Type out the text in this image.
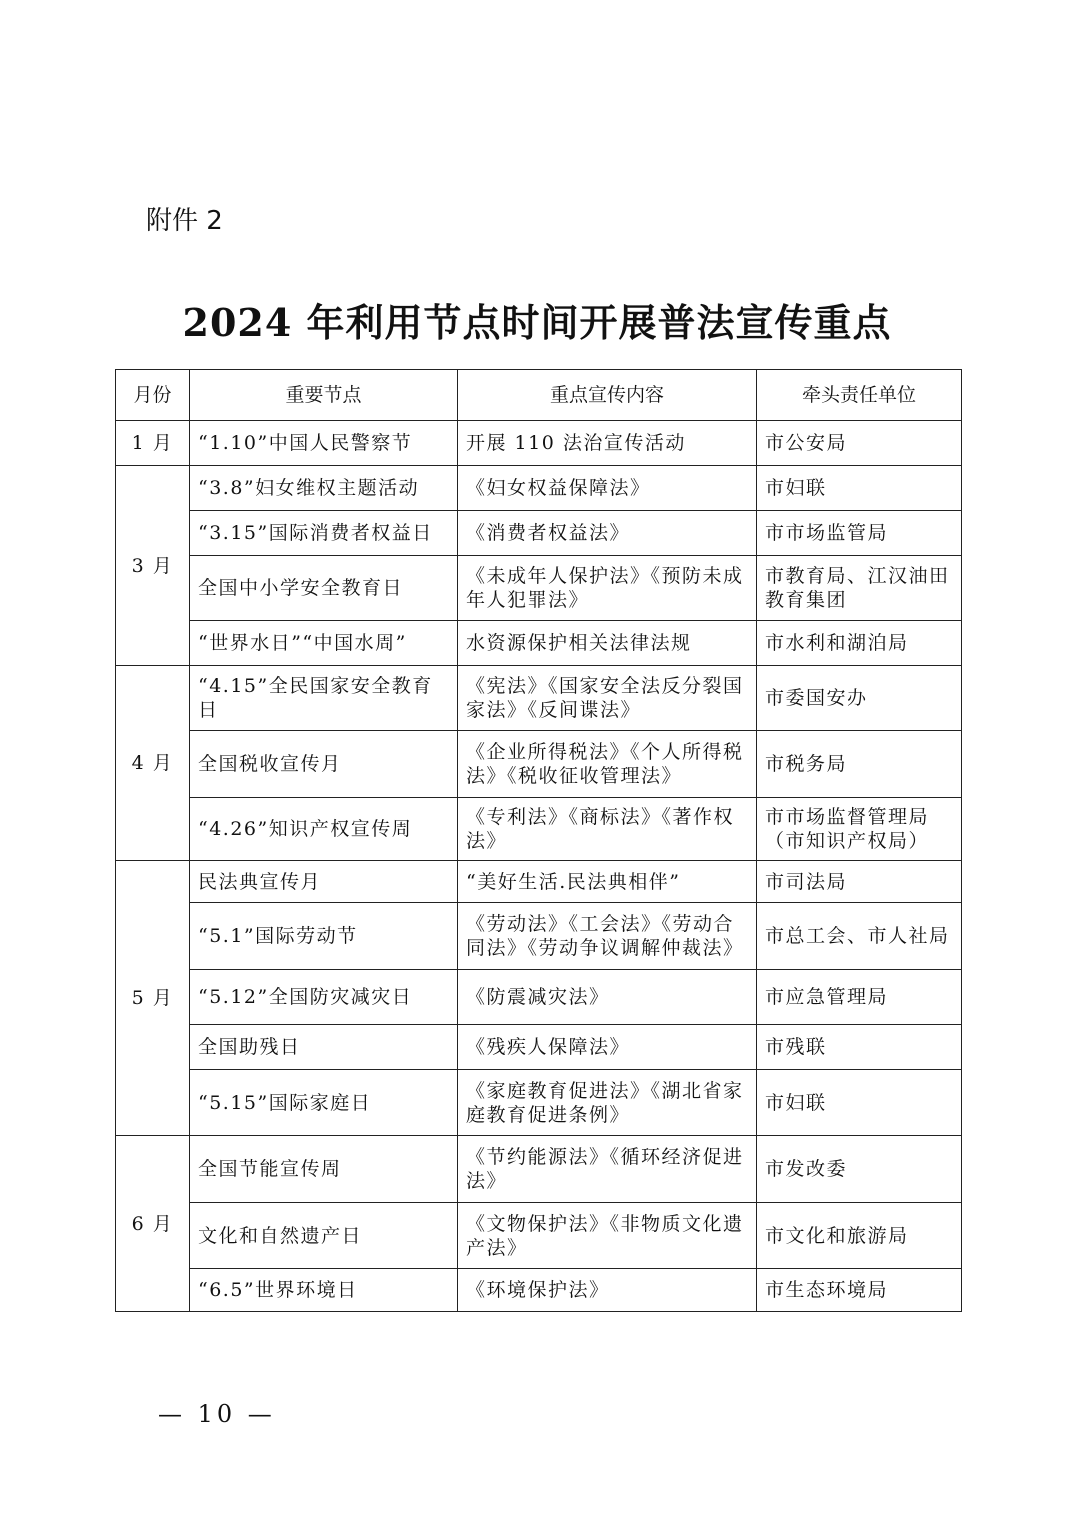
附件 2
2024 年利用节点时间开展普法宣传重点
月份	重要节点	重点宣传内容	牵头责任单位
1 月	“1.10”中国人民警察节	开展 110 法治宣传活动	市公安局
3 月	“3.8”妇女维权主题活动	《妇女权益保障法》	市妇联
	“3.15”国际消费者权益日	《消费者权益法》	市市场监管局
	全国中小学安全教育日	《未成年人保护法》《预防未成年人犯罪法》	市教育局、江汉油田教育集团
	“世界水日”“中国水周”	水资源保护相关法律法规	市水利和湖泊局
4 月	“4.15”全民国家安全教育日	《宪法》《国家安全法反分裂国家法》《反间谍法》	市委国安办
	全国税收宣传月	《企业所得税法》《个人所得税法》《税收征收管理法》	市税务局
	“4.26”知识产权宣传周	《专利法》《商标法》《著作权法》	市市场监督管理局（市知识产权局）
5 月	民法典宣传月	“美好生活.民法典相伴”	市司法局
	“5.1”国际劳动节	《劳动法》《工会法》《劳动合同法》《劳动争议调解仲裁法》	市总工会、市人社局
	“5.12”全国防灾减灾日	《防震减灾法》	市应急管理局
	全国助残日	《残疾人保障法》	市残联
	“5.15”国际家庭日	《家庭教育促进法》《湖北省家庭教育促进条例》	市妇联
6 月	全国节能宣传周	《节约能源法》《循环经济促进法》	市发改委
	文化和自然遗产日	《文物保护法》《非物质文化遗产法》	市文化和旅游局
	“6.5”世界环境日	《环境保护法》	市生态环境局
— 10 —
